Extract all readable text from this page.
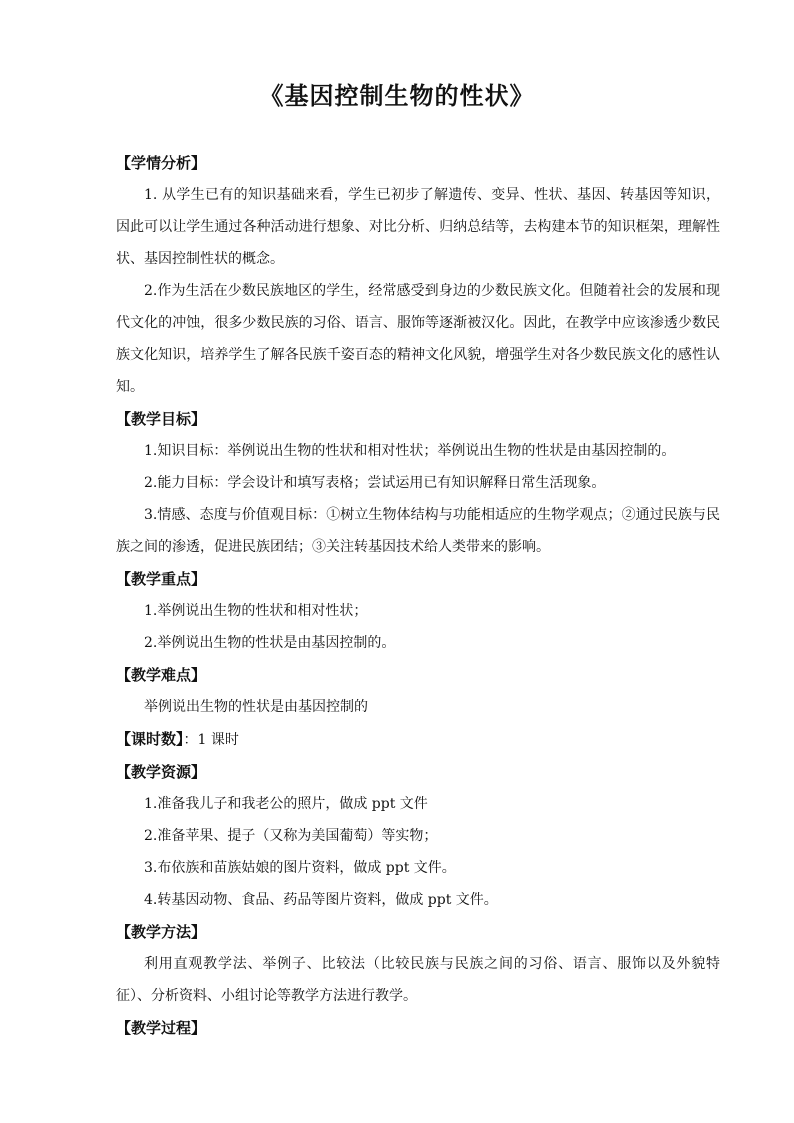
《基因控制生物的性状》

【学情分析】

1. 从学生已有的知识基础来看，学生已初步了解遗传、变异、性状、基因、转基因等知识，因此可以让学生通过各种活动进行想象、对比分析、归纳总结等，去构建本节的知识框架，理解性状、基因控制性状的概念。

2.作为生活在少数民族地区的学生，经常感受到身边的少数民族文化。但随着社会的发展和现代文化的冲蚀，很多少数民族的习俗、语言、服饰等逐渐被汉化。因此，在教学中应该渗透少数民族文化知识，培养学生了解各民族千姿百态的精神文化风貌，增强学生对各少数民族文化的感性认知。

【教学目标】

1.知识目标：举例说出生物的性状和相对性状；举例说出生物的性状是由基因控制的。

2.能力目标：学会设计和填写表格；尝试运用已有知识解释日常生活现象。

3.情感、态度与价值观目标：①树立生物体结构与功能相适应的生物学观点；②通过民族与民族之间的渗透，促进民族团结；③关注转基因技术给人类带来的影响。

【教学重点】

1.举例说出生物的性状和相对性状；

2.举例说出生物的性状是由基因控制的。

【教学难点】

举例说出生物的性状是由基因控制的

【课时数】：1 课时

【教学资源】

1.准备我儿子和我老公的照片，做成 ppt 文件

2.准备苹果、提子（又称为美国葡萄）等实物；

3.布依族和苗族姑娘的图片资料，做成 ppt 文件。

4.转基因动物、食品、药品等图片资料，做成 ppt 文件。

【教学方法】

利用直观教学法、举例子、比较法（比较民族与民族之间的习俗、语言、服饰以及外貌特征）、分析资料、小组讨论等教学方法进行教学。

【教学过程】
